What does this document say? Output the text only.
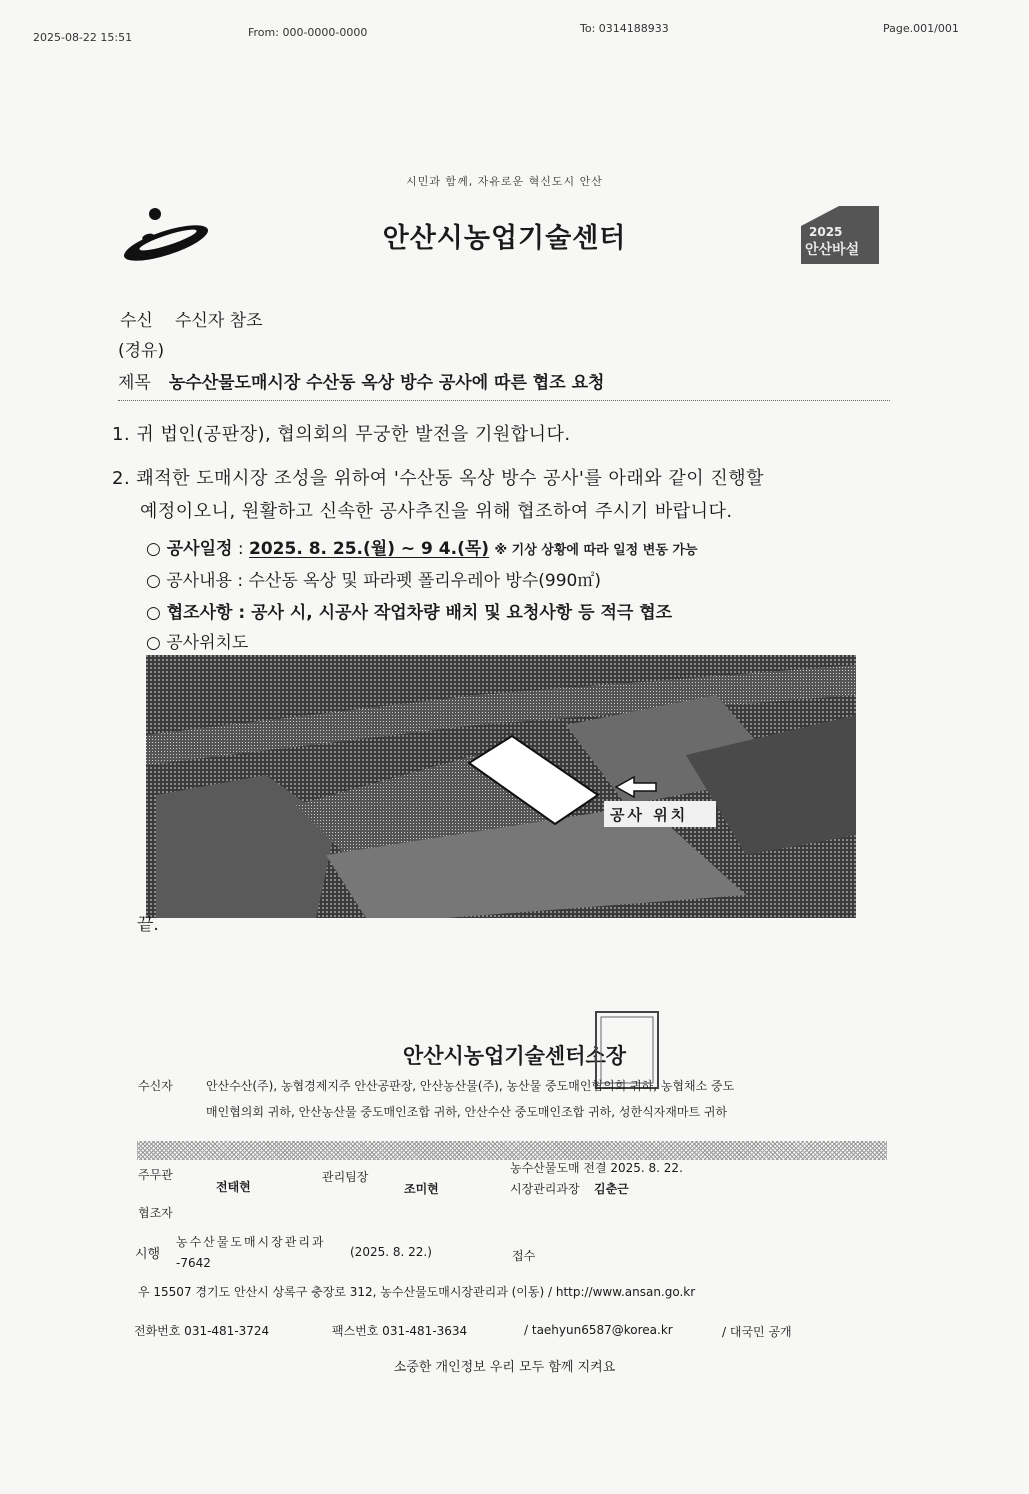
2025-08-22 15:51	From: 000-0000-0000	To: 0314188933	Page.001/001
시민과 함께, 자유로운 혁신도시 안산
안산시농업기술센터	2025
안산바설
수신 수신자 참조
(경유)
제목 농수산물도매시장 수산동 옥상 방수 공사에 따른 협조 요청
1. 귀 법인(공판장), 협의회의 무궁한 발전을 기원합니다.
2. 쾌적한 도매시장 조성을 위하여 '수산동 옥상 방수 공사'를 아래와 같이 진행할
예정이오니, 원활하고 신속한 공사추진을 위해 협조하여 주시기 바랍니다.
○ 공사일정 : 2025. 8. 25.(월) ~ 9 4.(목) ※ 기상 상황에 따라 일정 변동 가능
○ 공사내용 : 수산동 옥상 및 파라펫 폴리우레아 방수(990㎡)
○ 협조사항 : 공사 시, 시공사 작업차량 배치 및 요청사항 등 적극 협조
○ 공사위치도
공사 위치
끝.
안산시농업기술센터소장
수신자	안산수산(주), 농협경제지주 안산공판장, 안산농산물(주), 농산물 중도매인협의회 귀하, 농협채소 중도
매인협의회 귀하, 안산농산물 중도매인조합 귀하, 안산수산 중도매인조합 귀하, 성한식자재마트 귀하
주무관
전태현
관리팀장
조미현
농수산물도매 전결 2025. 8. 22.
시장관리과장 김춘근
협조자
시행
농수산물도매시장관리과
-7642
(2025. 8. 22.)	접수
우 15507 경기도 안산시 상록구 충장로 312, 농수산물도매시장관리과 (이동) / http://www.ansan.go.kr
전화번호 031-481-3724	팩스번호 031-481-3634	/ taehyun6587@korea.kr	/ 대국민 공개
소중한 개인정보 우리 모두 함께 지켜요
